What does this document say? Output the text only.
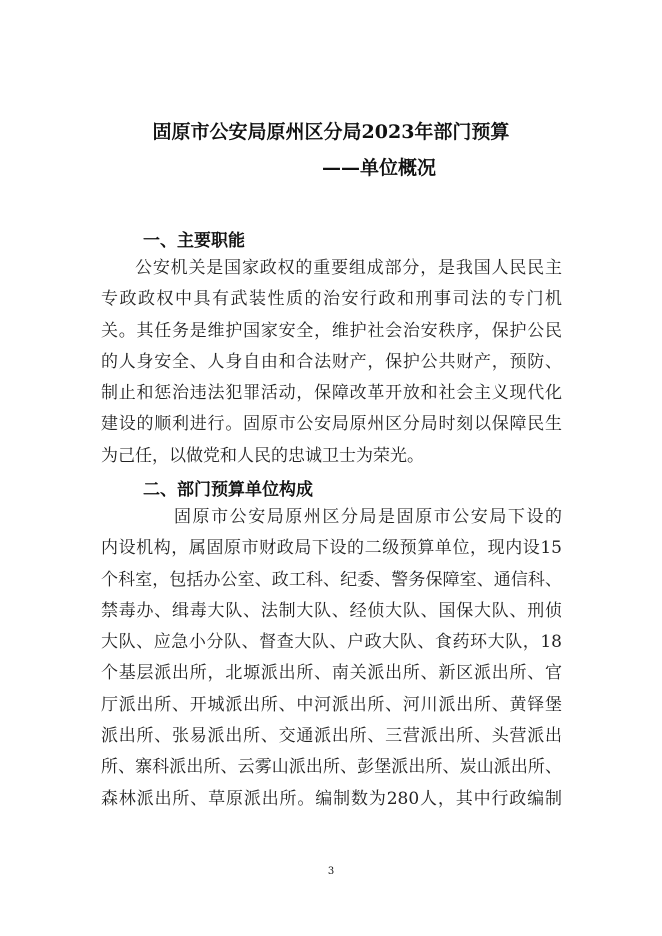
固原市公安局原州区分局2023年部门预算
——单位概况
一、主要职能
公安机关是国家政权的重要组成部分，是我国人民民主
专政政权中具有武装性质的治安行政和刑事司法的专门机
关。其任务是维护国家安全，维护社会治安秩序，保护公民
的人身安全、人身自由和合法财产，保护公共财产，预防、
制止和惩治违法犯罪活动，保障改革开放和社会主义现代化
建设的顺利进行。固原市公安局原州区分局时刻以保障民生
为己任，以做党和人民的忠诚卫士为荣光。
二、部门预算单位构成
固原市公安局原州区分局是固原市公安局下设的
内设机构，属固原市财政局下设的二级预算单位，现内设15
个科室，包括办公室、政工科、纪委、警务保障室、通信科、
禁毒办、缉毒大队、法制大队、经侦大队、国保大队、刑侦
大队、应急小分队、督查大队、户政大队、食药环大队，18
个基层派出所，北塬派出所、南关派出所、新区派出所、官
厅派出所、开城派出所、中河派出所、河川派出所、黄铎堡
派出所、张易派出所、交通派出所、三营派出所、头营派出
所、寨科派出所、云雾山派出所、彭堡派出所、炭山派出所、
森林派出所、草原派出所。编制数为280人，其中行政编制
3
